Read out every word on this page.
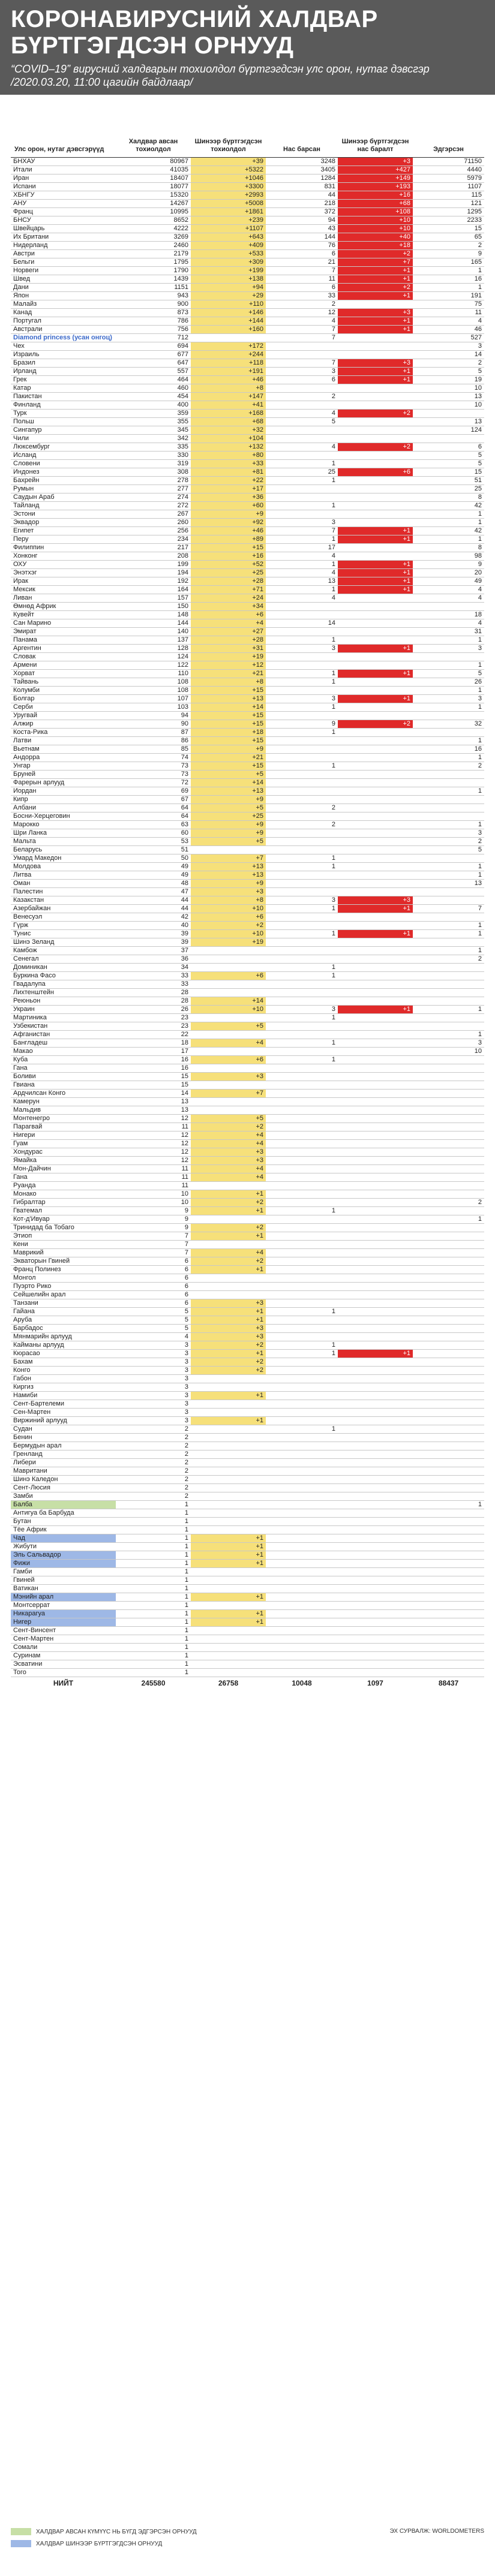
КОРОНАВИРУСНИЙ ХАЛДВАР
БҮРТГЭГДСЭН ОРНУУД
“COVID–19” вирусний халдварын тохиолдол бүртгэгдсэн улс орон, нутаг дэвсгэр /2020.03.20, 11:00 цагийн байдлаар/
Улс орон, нутаг дэвсгэрүүд	Халдвар авсан тохиолдол	Шинээр бүртгэгдсэн тохиолдол	Нас барсан	Шинээр бүртгэгдсэн нас баралт	Эдгэрсэн
БНХАУ	80967	+39	3248	+3	71150
Итали	41035	+5322	3405	+427	4440
Иран	18407	+1046	1284	+149	5979
Испани	18077	+3300	831	+193	1107
ХБНГУ	15320	+2993	44	+16	115
АНУ	14267	+5008	218	+68	121
Франц	10995	+1861	372	+108	1295
БНСУ	8652	+239	94	+10	2233
Швейцарь	4222	+1107	43	+10	15
Их Британи	3269	+643	144	+40	65
Нидерланд	2460	+409	76	+18	2
Австри	2179	+533	6	+2	9
Бельги	1795	+309	21	+7	165
Норвеги	1790	+199	7	+1	1
Швед	1439	+138	11	+1	16
Дани	1151	+94	6	+2	1
Япон	943	+29	33	+1	191
Малайз	900	+110	2		75
Канад	873	+146	12	+3	11
Португал	786	+144	4	+1	4
Австрали	756	+160	7	+1	46
Diamond princess (усан онгоц)	712		7		527
Чех	694	+172			3
Израиль	677	+244			14
Бразил	647	+118	7	+3	2
Ирланд	557	+191	3	+1	5
Грек	464	+46	6	+1	19
Катар	460	+8			10
Пакистан	454	+147	2		13
Финланд	400	+41			10
Турк	359	+168	4	+2	
Польш	355	+68	5		13
Сингапур	345	+32			124
Чили	342	+104			
Люксембург	335	+132	4	+2	6
Исланд	330	+80			5
Словени	319	+33	1		5
Индонез	308	+81	25	+6	15
Бахрейн	278	+22	1		51
Румын	277	+17			25
Саудын Араб	274	+36			8
Тайланд	272	+60	1		42
Эстони	267	+9			1
Эквадор	260	+92	3		1
Египет	256	+46	7	+1	42
Перу	234	+89	1	+1	1
Филиппин	217	+15	17		8
Хонконг	208	+16	4		98
ОХУ	199	+52	1	+1	9
Энэтхэг	194	+25	4	+1	20
Ирак	192	+28	13	+1	49
Мексик	164	+71	1	+1	4
Ливан	157	+24	4		4
Өмнөд Африк	150	+34			
Кувейт	148	+6			18
Сан Марино	144	+4	14		4
Эмират	140	+27			31
Панама	137	+28	1		1
Аргентин	128	+31	3	+1	3
Словак	124	+19			
Армени	122	+12			1
Хорват	110	+21	1	+1	5
Тайвань	108	+8	1		26
Колумби	108	+15			1
Болгар	107	+13	3	+1	3
Серби	103	+14	1		1
Уругвай	94	+15			
Алжир	90	+15	9	+2	32
Коста-Рика	87	+18	1		
Латви	86	+15			1
Вьетнам	85	+9			16
Андорра	74	+21			1
Унгар	73	+15	1		2
Бруней	73	+5			
Фарерын арлууд	72	+14			
Иордан	69	+13			1
Кипр	67	+9			
Албани	64	+5	2		
Босни-Херцеговин	64	+25			
Марокко	63	+9	2		1
Шри Ланка	60	+9			3
Мальта	53	+5			2
Беларусь	51				5
Умард Македон	50	+7	1		
Молдова	49	+13	1		1
Литва	49	+13			1
Оман	48	+9			13
Палестин	47	+3			
Казакстан	44	+8	3	+3	
Азербайжан	44	+10	1	+1	7
Венесуэл	42	+6			
Гүрж	40	+2			1
Тунис	39	+10	1	+1	1
Шинэ Зеланд	39	+19			
Камбож	37				1
Сенегал	36				2
Доминикан	34		1		
Буркина Фасо	33	+6	1		
Гвадалупа	33				
Лихтенштейн	28				
Реюньон	28	+14			
Украин	26	+10	3	+1	1
Мартиника	23		1		
Узбекистан	23	+5			
Афганистан	22				1
Бангладеш	18	+4	1		3
Макао	17				10
Куба	16	+6	1		
Гана	16				
Боливи	15	+3			
Гвиана	15				
Ардчилсан Конго	14	+7			
Камерун	13				
Мальдив	13				
Монтенегро	12	+5			
Парагвай	11	+2			
Нигери	12	+4			
Гуам	12	+4			
Хондурас	12	+3			
Ямайка	12	+3			
Мон-Дайчин	11	+4			
Гана	11	+4			
Руанда	11				
Монако	10	+1			
Гибралтар	10	+2			2
Гватемал	9	+1	1		
Кот-д'Ивуар	9				1
Тринидад ба Тобаго	9	+2			
Этиоп	7	+1			
Кени	7				
Маврикий	7	+4			
Экваторын Гвиней	6	+2			
Франц Полинез	6	+1			
Монгол	6				
Пуэрто Рико	6				
Сейшелийн арал	6				
Танзани	6	+3			
Гайана	5	+1	1		
Аруба	5	+1			
Барбадос	5	+3			
Мянмарийн арлууд	4	+3			
Кайманы арлууд	3	+2	1		
Кюрасао	3	+1	1	+1	
Бахам	3	+2			
Конго	3	+2			
Габон	3				
Киргиз	3				
Намиби	3	+1			
Сент-Бартелеми	3				
Сен-Мартен	3				
Виржиний арлууд	3	+1			
Судан	2		1		
Бенин	2				
Бермудын арал	2				
Гренланд	2				
Либери	2				
Мавритани	2				
Шинэ Каледон	2				
Сент-Люсия	2				
Замби	2				
Балба	1				1
Антигуа ба Барбуда	1				
Бутан	1				
Тёе Африк	1				
Чад	1	+1			
Жибути	1	+1			
Эль Сальвадор	1	+1			
Фижи	1	+1			
Гамби	1				
Гвиней	1				
Ватикан	1				
Мэнийн арал	1	+1			
Монтсеррат	1				
Никарагуа	1	+1			
Нигер	1	+1			
Сент-Винсент	1				
Сент-Мартен	1				
Сомали	1				
Суринам	1				
Эсватини	1				
Того	1				
НИЙТ	245580	26758	10048	1097	88437
ХАЛДВАР АВСАН КҮМҮҮС НЬ БҮГД ЭДГЭРСЭН ОРНУУД
ХАЛДВАР ШИНЭЭР БҮРТГЭГДСЭН ОРНУУД
ЭХ СУРВАЛЖ: WORLDOMETERS
